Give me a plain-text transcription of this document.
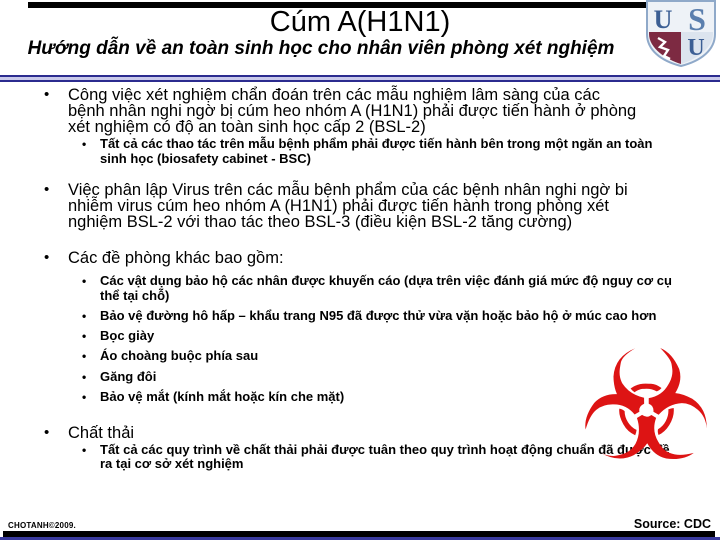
Cúm A(H1N1)
Hướng dẫn về an toàn sinh học cho nhân viên phòng xét nghiệm
U S
U
• Công việc xét nghiệm chẩn đoán trên các mẫu nghiệm lâm sàng của các bệnh nhân nghi ngờ bị cúm heo nhóm A (H1N1) phải được tiến hành ở phòng xét nghiệm có độ an toàn sinh học cấp 2 (BSL-2)
• Tất cả các thao tác trên mẫu bệnh phẩm phải được tiến hành bên trong một ngăn an toàn sinh học (biosafety cabinet - BSC)
• Việc phân lập Virus trên các mẫu bệnh phẩm của các bệnh nhân nghi ngờ bi nhiễm virus cúm heo nhóm A (H1N1) phải được tiến hành trong phòng xét nghiệm BSL-2 với thao tác theo BSL-3 (điều kiện BSL-2 tăng cường)
• Các đề phòng khác bao gồm:
• Các vật dụng bảo hộ các nhân được khuyến cáo (dựa trên việc đánh giá mức độ nguy cơ cụ thể tại chỗ)
• Bảo vệ đường hô hấp – khẩu trang N95 đã được thử vừa vặn hoặc bảo hộ ở múc cao hơn
• Bọc giày
• Áo choàng buộc phía sau
• Găng đôi
• Bảo vệ mắt (kính mắt hoặc kín che mặt)
• Chất thải
• Tất cả các quy trình về chất thải phải được tuân theo quy trình hoạt động chuẩn đã được đề ra tại cơ sở xét nghiệm	☣
CHOTANH©2009.	Source: CDC
